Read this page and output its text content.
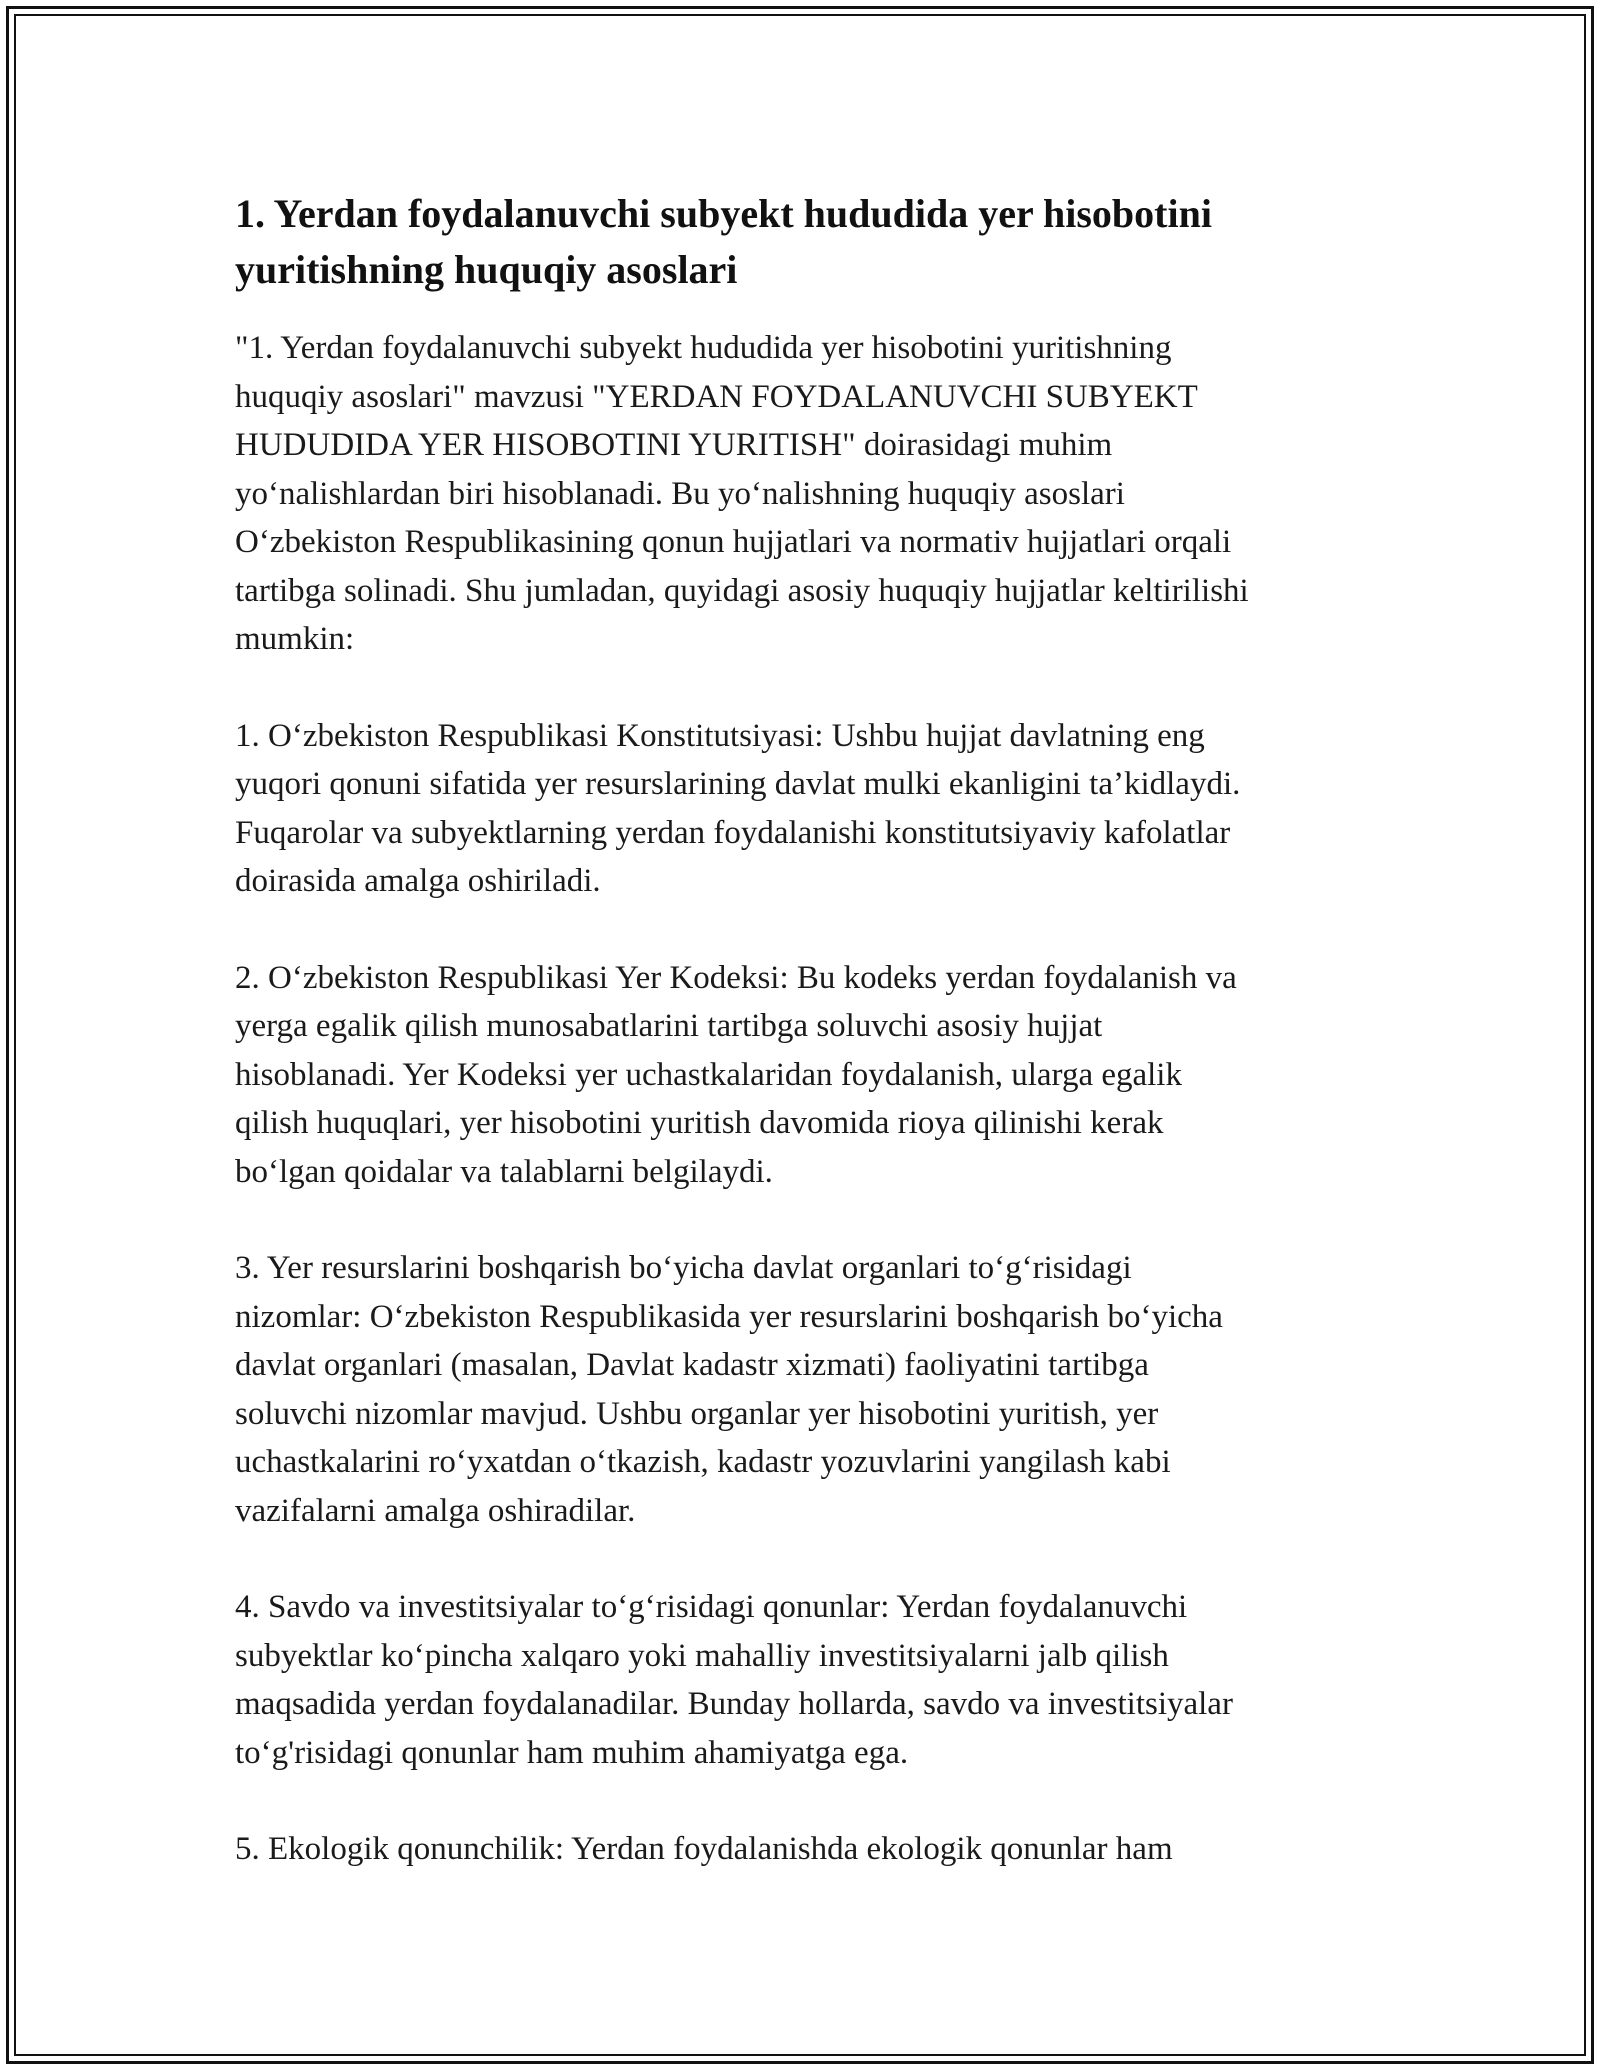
1. Yerdan foydalanuvchi subyekt hududida yer hisobotini
yuritishning huquqiy asoslari

"1. Yerdan foydalanuvchi subyekt hududida yer hisobotini yuritishning
huquqiy asoslari" mavzusi "YERDAN FOYDALANUVCHI SUBYEKT
HUDUDIDA YER HISOBOTINI YURITISH" doirasidagi muhim
yo‘nalishlardan biri hisoblanadi. Bu yo‘nalishning huquqiy asoslari
O‘zbekiston Respublikasining qonun hujjatlari va normativ hujjatlari orqali
tartibga solinadi. Shu jumladan, quyidagi asosiy huquqiy hujjatlar keltirilishi
mumkin:

1. O‘zbekiston Respublikasi Konstitutsiyasi: Ushbu hujjat davlatning eng
yuqori qonuni sifatida yer resurslarining davlat mulki ekanligini ta’kidlaydi.
Fuqarolar va subyektlarning yerdan foydalanishi konstitutsiyaviy kafolatlar
doirasida amalga oshiriladi.

2. O‘zbekiston Respublikasi Yer Kodeksi: Bu kodeks yerdan foydalanish va
yerga egalik qilish munosabatlarini tartibga soluvchi asosiy hujjat
hisoblanadi. Yer Kodeksi yer uchastkalaridan foydalanish, ularga egalik
qilish huquqlari, yer hisobotini yuritish davomida rioya qilinishi kerak
bo‘lgan qoidalar va talablarni belgilaydi.

3. Yer resurslarini boshqarish bo‘yicha davlat organlari to‘g‘risidagi
nizomlar: O‘zbekiston Respublikasida yer resurslarini boshqarish bo‘yicha
davlat organlari (masalan, Davlat kadastr xizmati) faoliyatini tartibga
soluvchi nizomlar mavjud. Ushbu organlar yer hisobotini yuritish, yer
uchastkalarini ro‘yxatdan o‘tkazish, kadastr yozuvlarini yangilash kabi
vazifalarni amalga oshiradilar.

4. Savdo va investitsiyalar to‘g‘risidagi qonunlar: Yerdan foydalanuvchi
subyektlar ko‘pincha xalqaro yoki mahalliy investitsiyalarni jalb qilish
maqsadida yerdan foydalanadilar. Bunday hollarda, savdo va investitsiyalar
to‘g'risidagi qonunlar ham muhim ahamiyatga ega.

5. Ekologik qonunchilik: Yerdan foydalanishda ekologik qonunlar ham
